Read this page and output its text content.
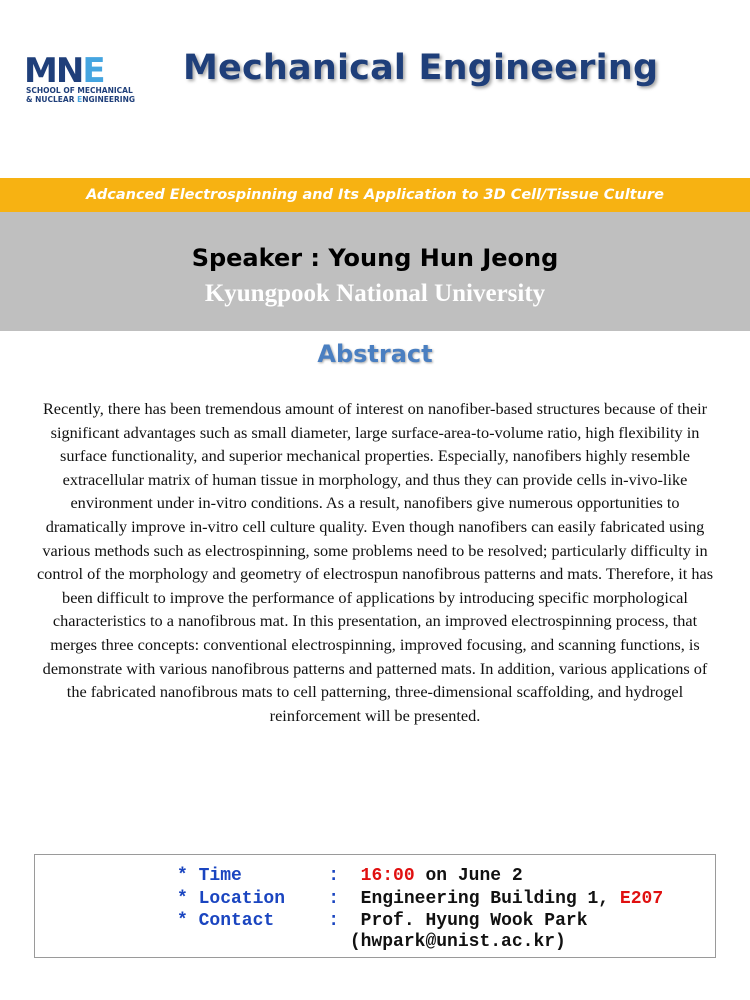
MNE
SCHOOL OF MECHANICAL
& NUCLEAR ENGINEERING
Mechanical Engineering
Adcanced Electrospinning and Its Application to 3D Cell/Tissue Culture
Speaker : Young Hun Jeong
Kyungpook National University
Abstract

Recently, there has been tremendous amount of interest on nanofiber-based structures because of their significant advantages such as small diameter, large surface-area-to-volume ratio, high flexibility in surface functionality, and superior mechanical properties. Especially, nanofibers highly resemble extracellular matrix of human tissue in morphology, and thus they can provide cells in-vivo-like environment under in-vitro conditions. As a result, nanofibers give numerous opportunities to dramatically improve in-vitro cell culture quality. Even though nanofibers can easily fabricated using various methods such as electrospinning, some problems need to be resolved; particularly difficulty in control of the morphology and geometry of electrospun nanofibrous patterns and mats. Therefore, it has been difficult to improve the performance of applications by introducing specific morphological characteristics to a nanofibrous mat. In this presentation, an improved electrospinning process, that merges three concepts: conventional electrospinning, improved focusing, and scanning functions, is demonstrate with various nanofibrous patterns and patterned mats. In addition, various applications of the fabricated nanofibrous mats to cell patterning, three-dimensional scaffolding, and hydrogel reinforcement will be presented.

* Time	: 16:00 on June 2
* Location : Engineering Building 1, E207
* Contact	: Prof. Hyung Wook Park
(hwpark@unist.ac.kr)
